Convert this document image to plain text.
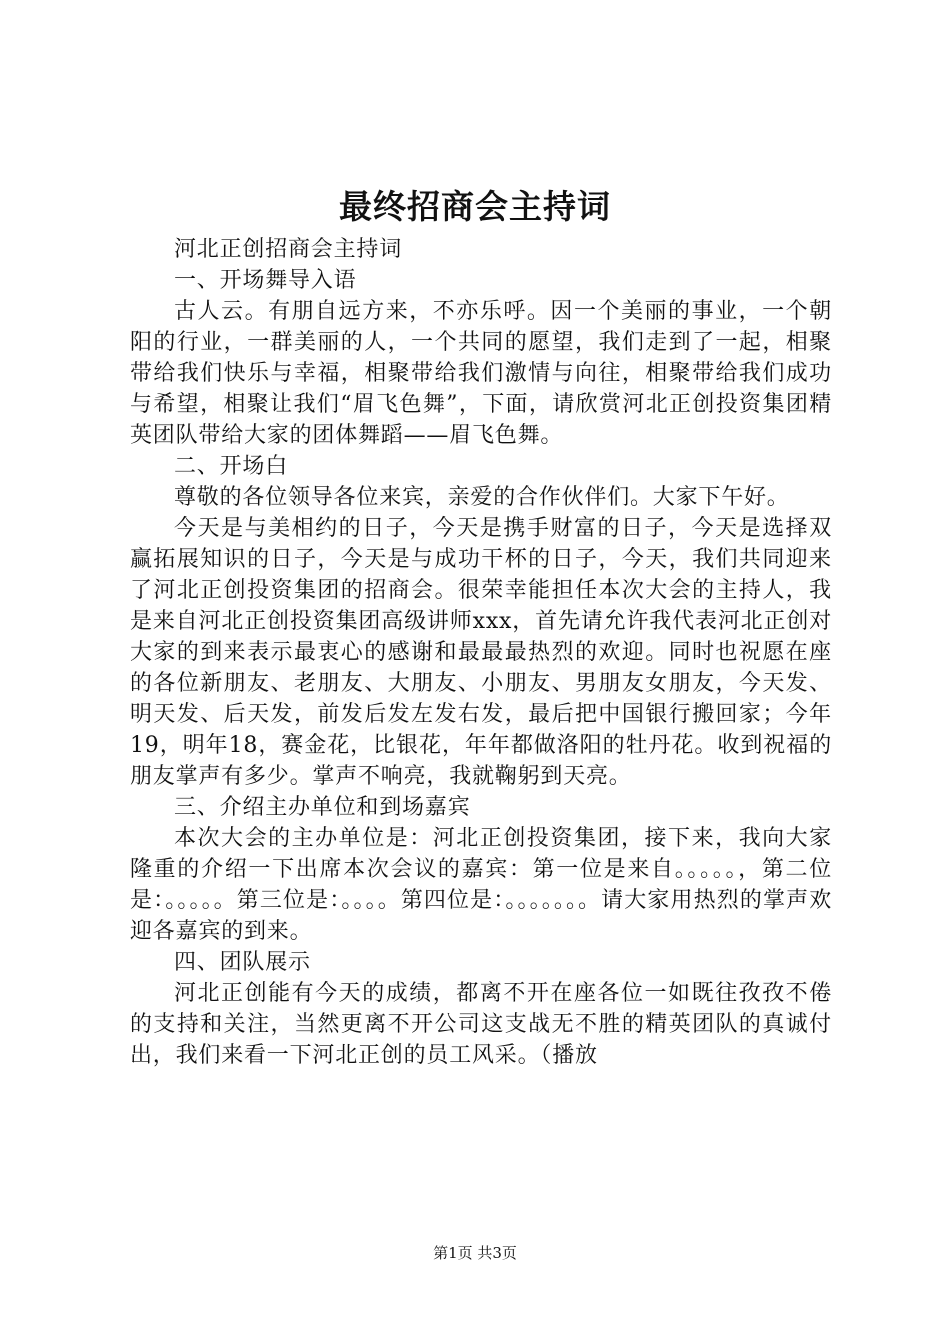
最终招商会主持词

河北正创招商会主持词

一、开场舞导入语

古人云。有朋自远方来，不亦乐呼。因一个美丽的事业，一个朝阳的行业，一群美丽的人，一个共同的愿望，我们走到了一起，相聚带给我们快乐与幸福，相聚带给我们激情与向往，相聚带给我们成功与希望，相聚让我们“眉飞色舞”，下面，请欣赏河北正创投资集团精英团队带给大家的团体舞蹈——眉飞色舞。

二、开场白

尊敬的各位领导各位来宾，亲爱的合作伙伴们。大家下午好。

今天是与美相约的日子，今天是携手财富的日子，今天是选择双赢拓展知识的日子，今天是与成功干杯的日子，今天，我们共同迎来了河北正创投资集团的招商会。很荣幸能担任本次大会的主持人，我是来自河北正创投资集团高级讲师xxx，首先请允许我代表河北正创对大家的到来表示最衷心的感谢和最最最热烈的欢迎。同时也祝愿在座的各位新朋友、老朋友、大朋友、小朋友、男朋友女朋友，今天发、明天发、后天发，前发后发左发右发，最后把中国银行搬回家；今年19，明年18，赛金花，比银花，年年都做洛阳的牡丹花。收到祝福的朋友掌声有多少。掌声不响亮，我就鞠躬到天亮。

三、介绍主办单位和到场嘉宾

本次大会的主办单位是：河北正创投资集团，接下来，我向大家隆重的介绍一下出席本次会议的嘉宾：第一位是来自。。。。。，第二位是：。。。。。第三位是：。。。。第四位是：。。。。。。。请大家用热烈的掌声欢迎各嘉宾的到来。

四、团队展示

河北正创能有今天的成绩，都离不开在座各位一如既往孜孜不倦的支持和关注，当然更离不开公司这支战无不胜的精英团队的真诚付出，我们来看一下河北正创的员工风采。（播放

第1页 共3页
